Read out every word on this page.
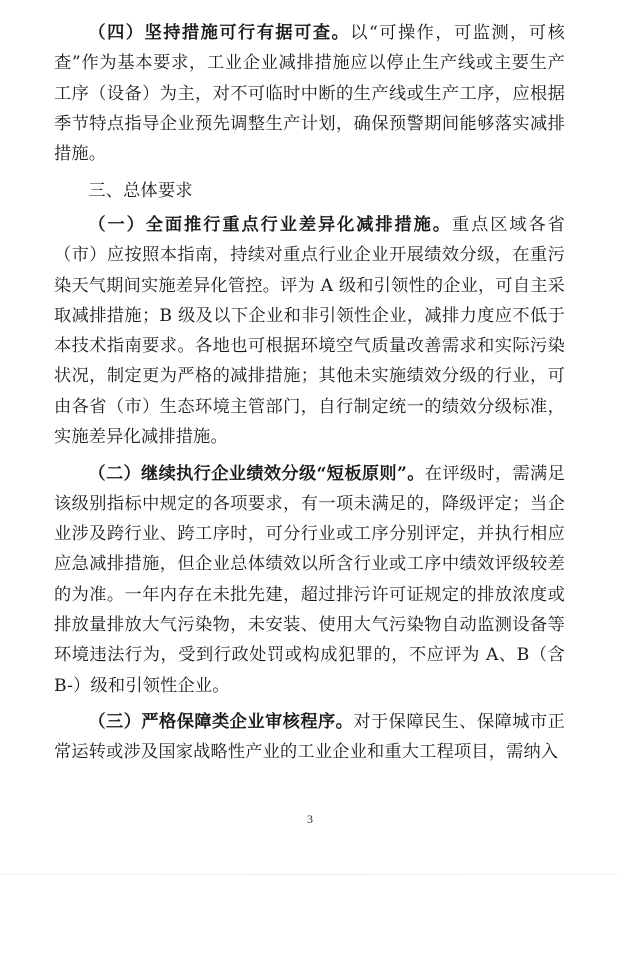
（四）坚持措施可行有据可查。以“可操作，可监测，可核查”作为基本要求，工业企业减排措施应以停止生产线或主要生产工序（设备）为主，对不可临时中断的生产线或生产工序，应根据季节特点指导企业预先调整生产计划，确保预警期间能够落实减排措施。

三、总体要求

（一）全面推行重点行业差异化减排措施。重点区域各省（市）应按照本指南，持续对重点行业企业开展绩效分级，在重污染天气期间实施差异化管控。评为 A 级和引领性的企业，可自主采取减排措施；B 级及以下企业和非引领性企业，减排力度应不低于本技术指南要求。各地也可根据环境空气质量改善需求和实际污染状况，制定更为严格的减排措施；其他未实施绩效分级的行业，可由各省（市）生态环境主管部门，自行制定统一的绩效分级标准，实施差异化减排措施。

（二）继续执行企业绩效分级“短板原则”。在评级时，需满足该级别指标中规定的各项要求，有一项未满足的，降级评定；当企业涉及跨行业、跨工序时，可分行业或工序分别评定，并执行相应应急减排措施，但企业总体绩效以所含行业或工序中绩效评级较差的为准。一年内存在未批先建，超过排污许可证规定的排放浓度或排放量排放大气污染物，未安装、使用大气污染物自动监测设备等环境违法行为，受到行政处罚或构成犯罪的，不应评为 A、B（含 B-）级和引领性企业。

（三）严格保障类企业审核程序。对于保障民生、保障城市正常运转或涉及国家战略性产业的工业企业和重大工程项目，需纳入

3
